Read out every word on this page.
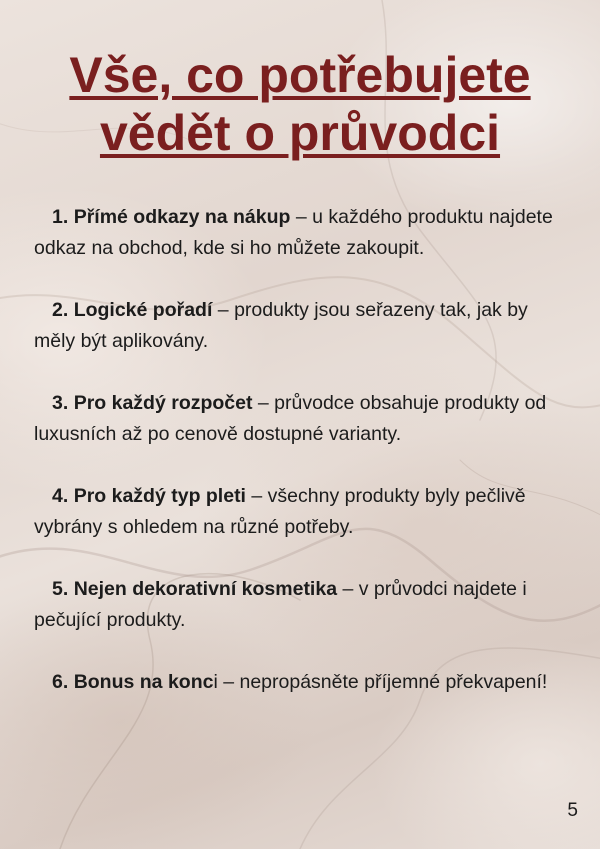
Vše, co potřebujete
vědět o průvodci

1. Přímé odkazy na nákup – u každého produktu najdete odkaz na obchod, kde si ho můžete zakoupit.

2. Logické pořadí – produkty jsou seřazeny tak, jak by měly být aplikovány.

3. Pro každý rozpočet – průvodce obsahuje produkty od luxusních až po cenově dostupné varianty.

4. Pro každý typ pleti – všechny produkty byly pečlivě vybrány s ohledem na různé potřeby.

5. Nejen dekorativní kosmetika – v průvodci najdete i pečující produkty.

6. Bonus na konci – nepropásněte příjemné překvapení!

5
